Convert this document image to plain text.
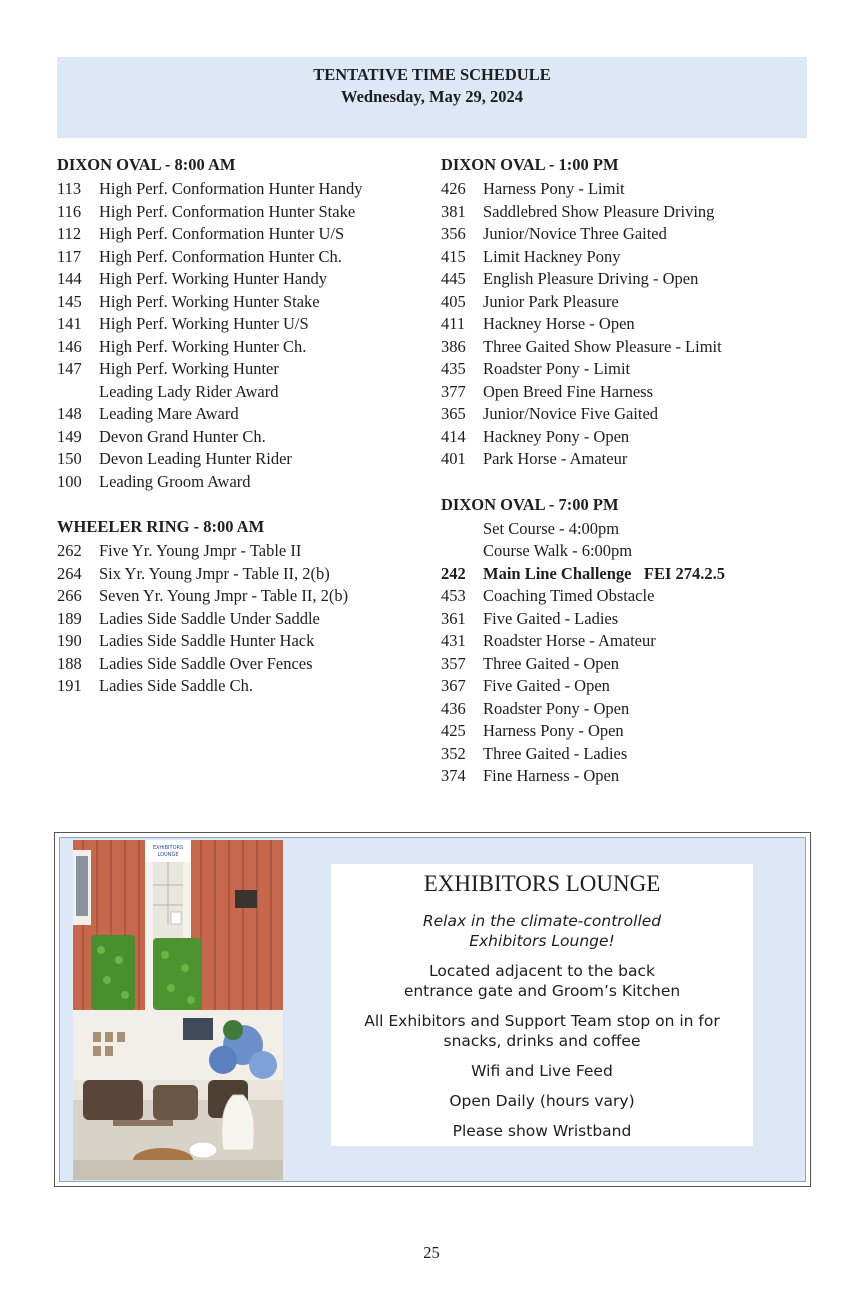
TENTATIVE TIME SCHEDULE
Wednesday, May 29, 2024
DIXON OVAL - 8:00 AM
113	High Perf. Conformation Hunter Handy
116	High Perf. Conformation Hunter Stake
112	High Perf. Conformation Hunter U/S
117	High Perf. Conformation Hunter Ch.
144	High Perf. Working Hunter Handy
145	High Perf. Working Hunter Stake
141	High Perf. Working Hunter U/S
146	High Perf. Working Hunter Ch.
147	High Perf. Working Hunter
Leading Lady Rider Award
148	Leading Mare Award
149	Devon Grand Hunter Ch.
150	Devon Leading Hunter Rider
100	Leading Groom Award
WHEELER RING - 8:00 AM
262	Five Yr. Young Jmpr - Table II
264	Six Yr. Young Jmpr - Table II, 2(b)
266	Seven Yr. Young Jmpr - Table II, 2(b)
189	Ladies Side Saddle Under Saddle
190	Ladies Side Saddle Hunter Hack
188	Ladies Side Saddle Over Fences
191	Ladies Side Saddle Ch.
DIXON OVAL - 1:00 PM
426	Harness Pony - Limit
381	Saddlebred Show Pleasure Driving
356	Junior/Novice Three Gaited
415	Limit Hackney Pony
445	English Pleasure Driving - Open
405	Junior Park Pleasure
411	Hackney Horse - Open
386	Three Gaited Show Pleasure - Limit
435	Roadster Pony - Limit
377	Open Breed Fine Harness
365	Junior/Novice Five Gaited
414	Hackney Pony - Open
401	Park Horse - Amateur
DIXON OVAL - 7:00 PM
Set Course - 4:00pm
Course Walk - 6:00pm
242	Main Line Challenge   FEI 274.2.5
453	Coaching Timed Obstacle
361	Five Gaited - Ladies
431	Roadster Horse - Amateur
357	Three Gaited - Open
367	Five Gaited - Open
436	Roadster Pony - Open
425	Harness Pony - Open
352	Three Gaited - Ladies
374	Fine Harness - Open
EXHIBITORS
LOUNGE
EXHIBITORS LOUNGE
Relax in the climate-controlled
Exhibitors Lounge!
Located adjacent to the back
entrance gate and Groom’s Kitchen
All Exhibitors and Support Team stop on in for
snacks, drinks and coffee
Wifi and Live Feed
Open Daily (hours vary)
Please show Wristband
25
